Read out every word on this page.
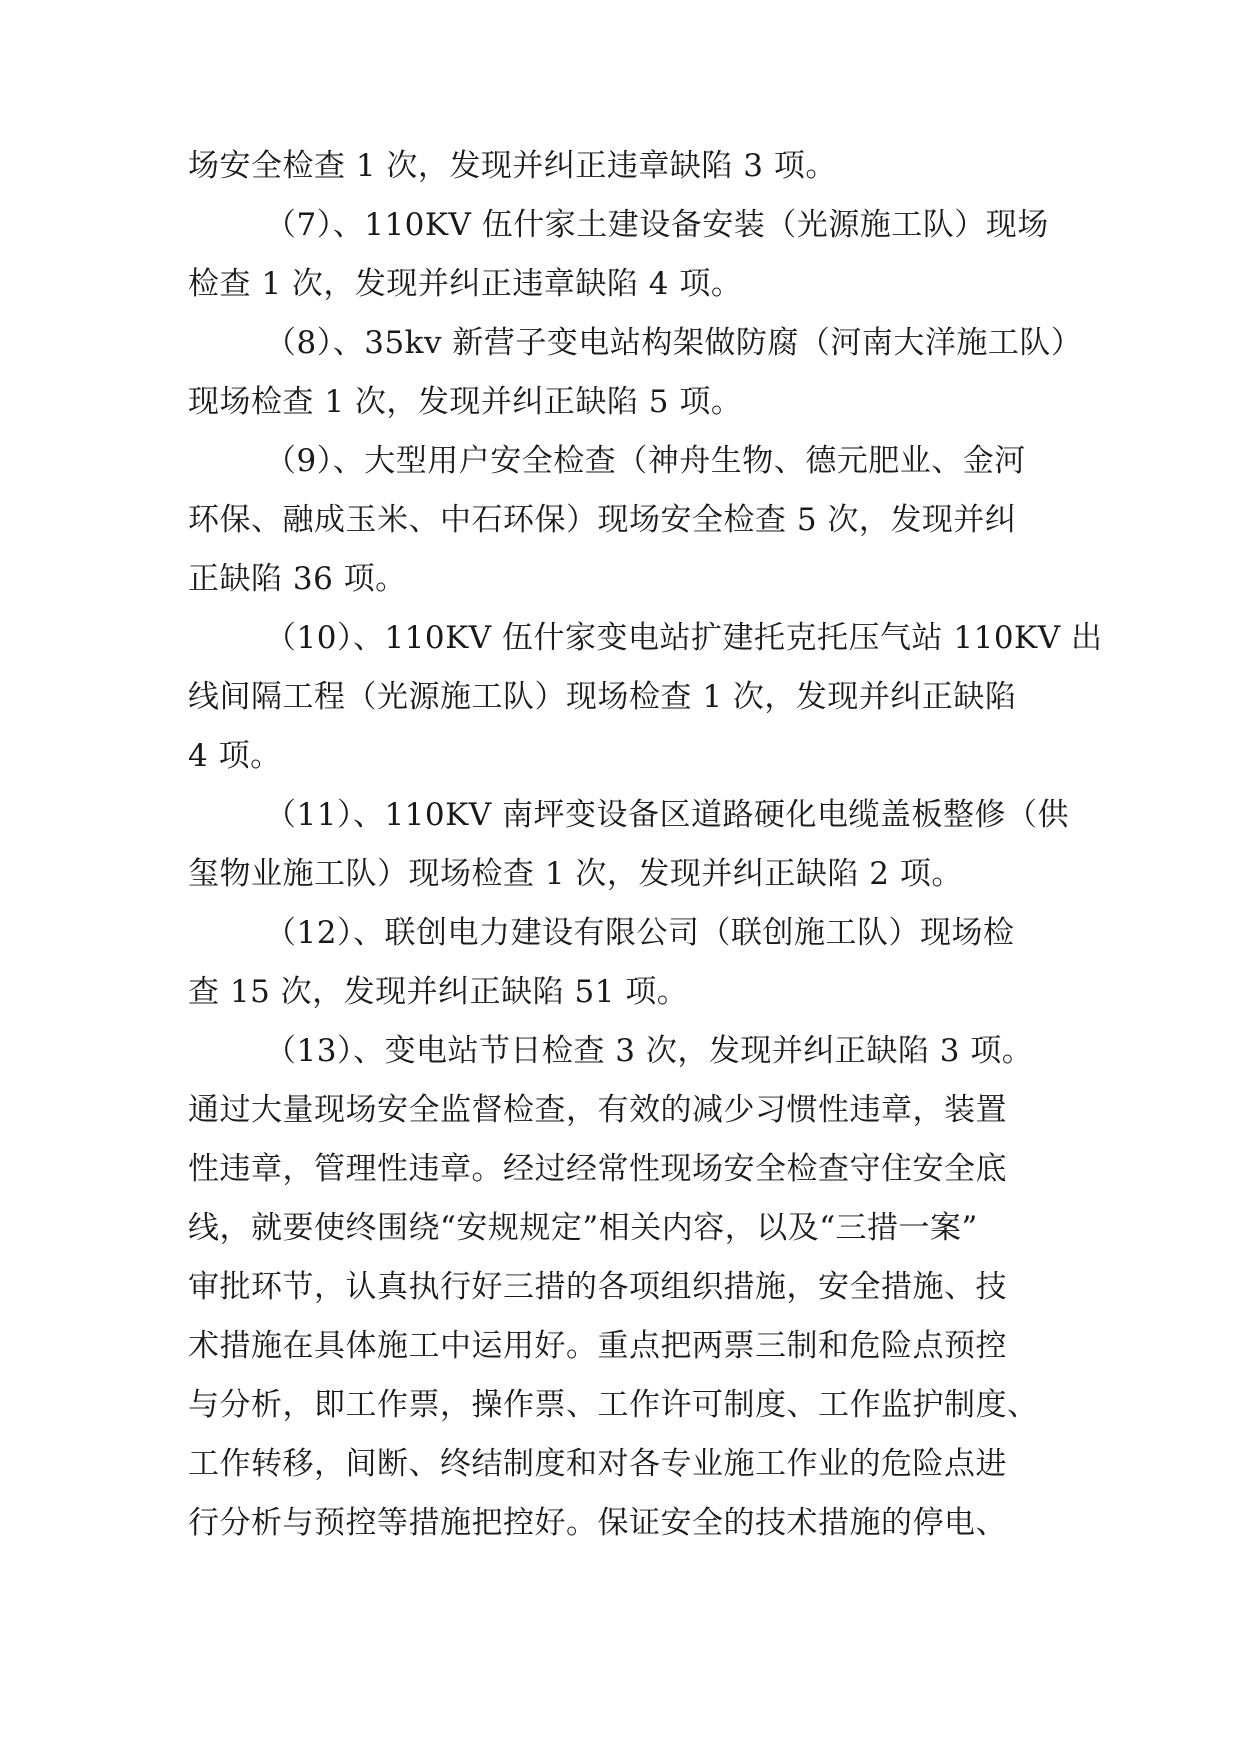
场安全检查 1 次，发现并纠正违章缺陷 3 项。

（7）、110KV 伍什家土建设备安装（光源施工队）现场

检查 1 次，发现并纠正违章缺陷 4 项。

（8）、35kv 新营子变电站构架做防腐（河南大洋施工队）

现场检查 1 次，发现并纠正缺陷 5 项。

（9）、大型用户安全检查（神舟生物、德元肥业、金河

环保、融成玉米、中石环保）现场安全检查 5 次，发现并纠

正缺陷 36 项。

（10）、110KV 伍什家变电站扩建托克托压气站 110KV 出

线间隔工程（光源施工队）现场检查 1 次，发现并纠正缺陷

4 项。

（11）、110KV 南坪变设备区道路硬化电缆盖板整修（供

玺物业施工队）现场检查 1 次，发现并纠正缺陷 2 项。

（12）、联创电力建设有限公司（联创施工队）现场检

查 15 次，发现并纠正缺陷 51 项。

（13）、变电站节日检查 3 次，发现并纠正缺陷 3 项。

通过大量现场安全监督检查，有效的减少习惯性违章，装置

性违章，管理性违章。经过经常性现场安全检查守住安全底

线，就要使终围绕“安规规定”相关内容，以及“三措一案”

审批环节，认真执行好三措的各项组织措施，安全措施、技

术措施在具体施工中运用好。重点把两票三制和危险点预控

与分析，即工作票，操作票、工作许可制度、工作监护制度、

工作转移，间断、终结制度和对各专业施工作业的危险点进

行分析与预控等措施把控好。保证安全的技术措施的停电、
